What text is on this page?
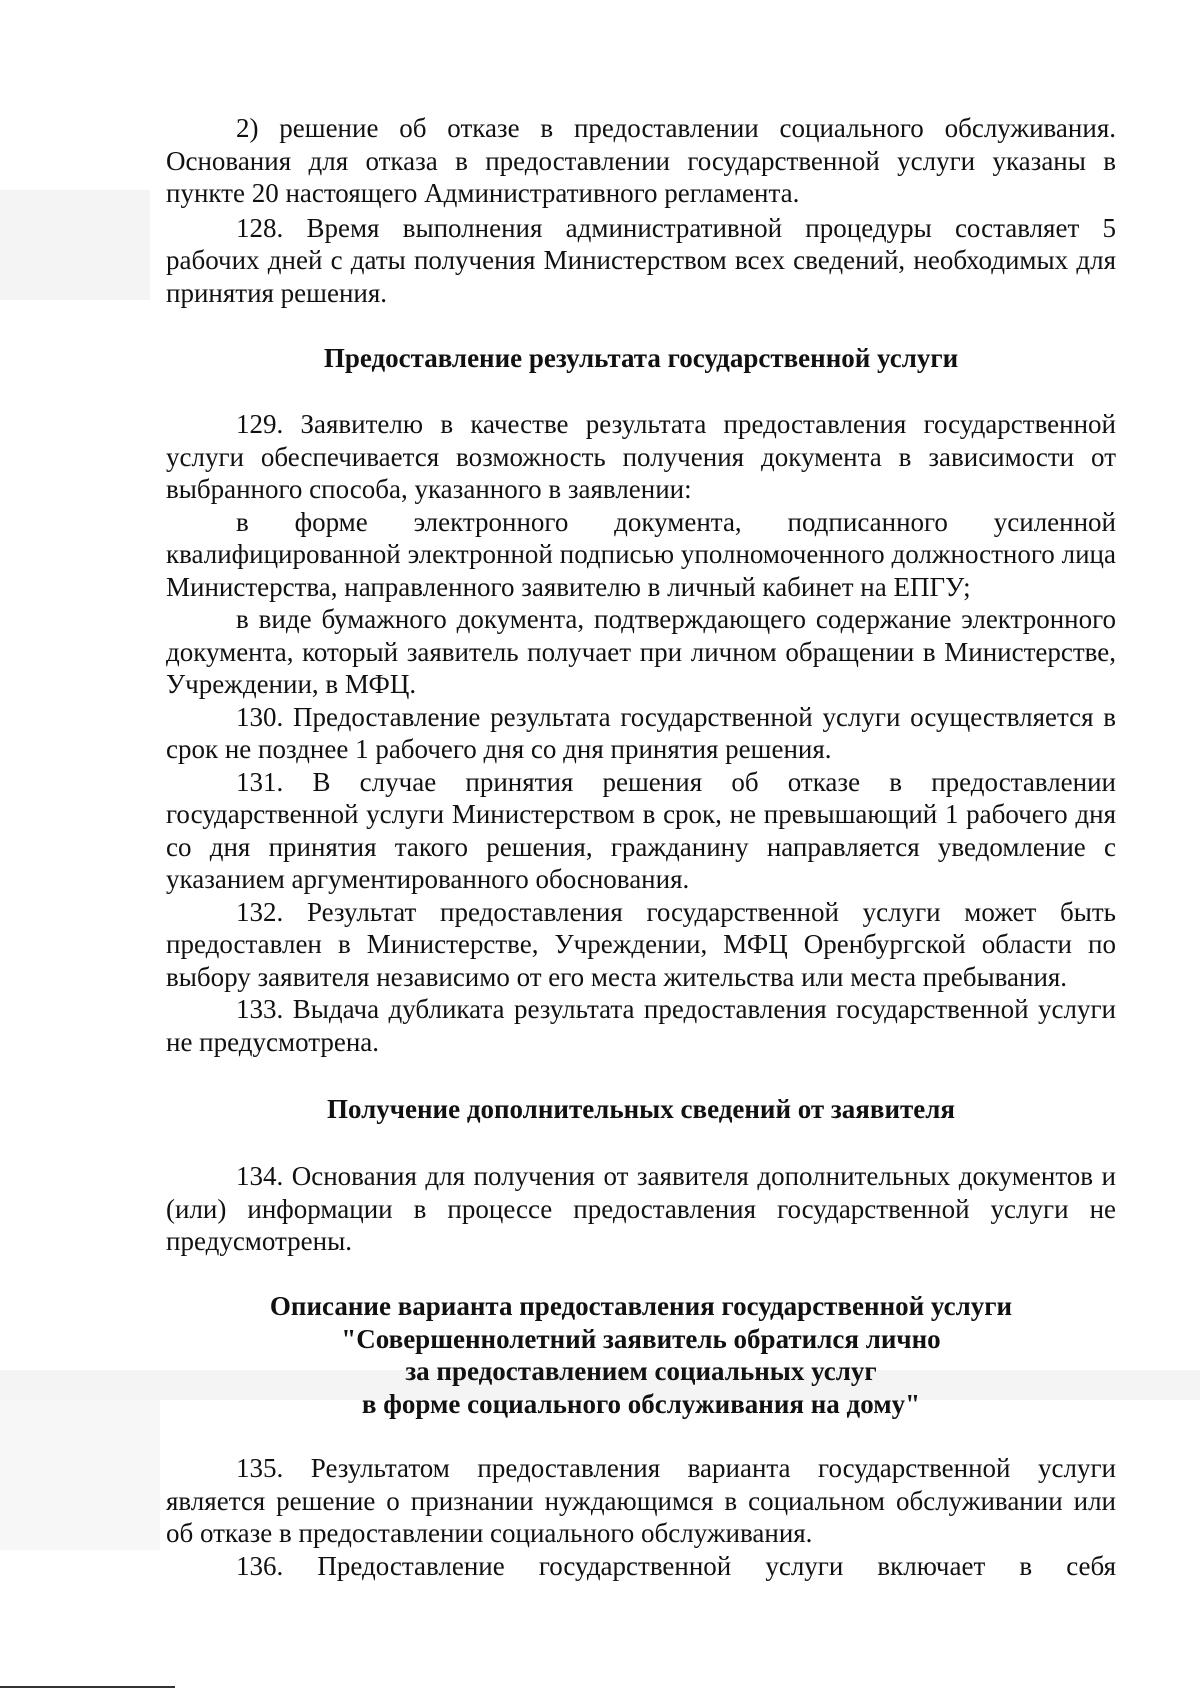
2) решение об отказе в предоставлении социального обслуживания. Основания для отказа в предоставлении государственной услуги указаны в пункте 20 настоящего Административного регламента.

128. Время выполнения административной процедуры составляет 5 рабочих дней с даты получения Министерством всех сведений, необходимых для принятия решения.

Предоставление результата государственной услуги

129. Заявителю в качестве результата предоставления государственной услуги обеспечивается возможность получения документа в зависимости от выбранного способа, указанного в заявлении:

в форме электронного документа, подписанного усиленной квалифицированной электронной подписью уполномоченного должностного лица Министерства, направленного заявителю в личный кабинет на ЕПГУ;

в виде бумажного документа, подтверждающего содержание электронного документа, который заявитель получает при личном обращении в Министерстве, Учреждении, в МФЦ.

130. Предоставление результата государственной услуги осуществляется в срок не позднее 1 рабочего дня со дня принятия решения.

131. В случае принятия решения об отказе в предоставлении государственной услуги Министерством в срок, не превышающий 1 рабочего дня со дня принятия такого решения, гражданину направляется уведомление с указанием аргументированного обоснования.

132. Результат предоставления государственной услуги может быть предоставлен в Министерстве, Учреждении, МФЦ Оренбургской области по выбору заявителя независимо от его места жительства или места пребывания.

133. Выдача дубликата результата предоставления государственной услуги не предусмотрена.

Получение дополнительных сведений от заявителя

134. Основания для получения от заявителя дополнительных документов и (или) информации в процессе предоставления государственной услуги не предусмотрены.

Описание варианта предоставления государственной услуги
"Совершеннолетний заявитель обратился лично
за предоставлением социальных услуг
в форме социального обслуживания на дому"

135. Результатом предоставления варианта государственной услуги является решение о признании нуждающимся в социальном обслуживании или об отказе в предоставлении социального обслуживания.

136. Предоставление государственной услуги включает в себя
